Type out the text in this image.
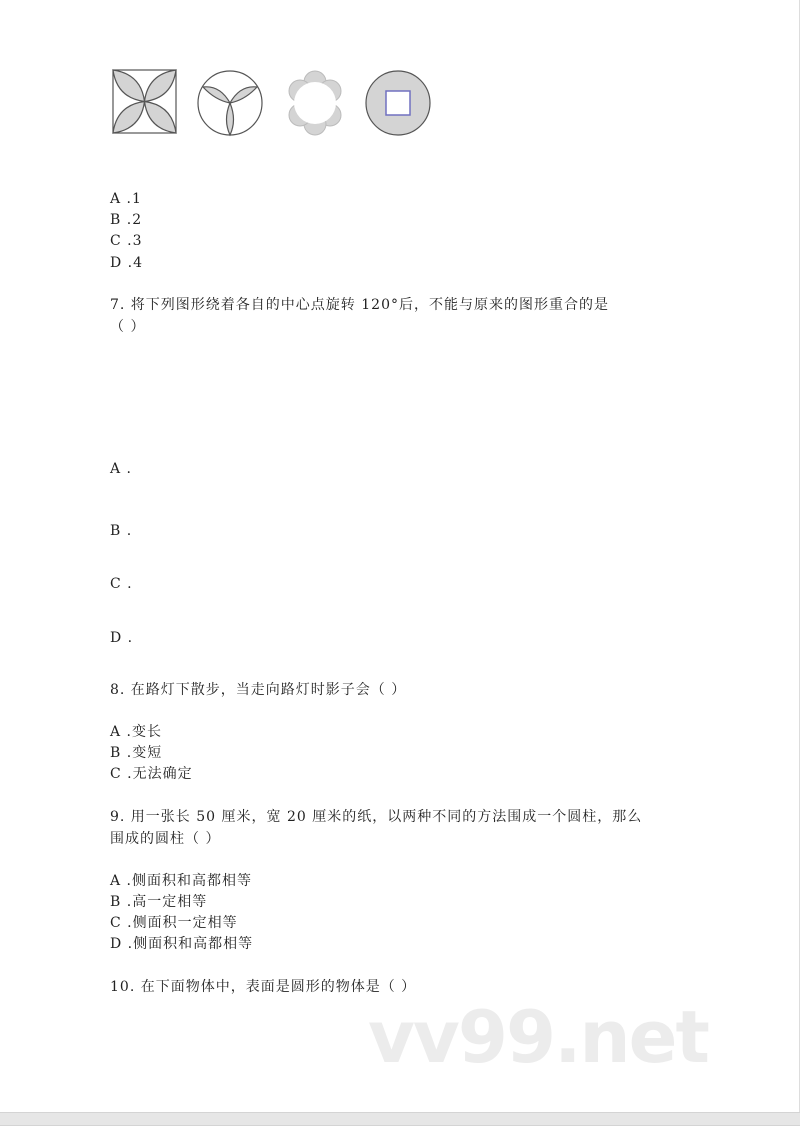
A .1
B .2
C .3
D .4
7. 将下列图形绕着各自的中心点旋转 120°后，不能与原来的图形重合的是
（ ）
A .
B .
C .
D .
8. 在路灯下散步，当走向路灯时影子会（ ）
A .变长
B .变短
C .无法确定
9. 用一张长 50 厘米，宽 20 厘米的纸，以两种不同的方法围成一个圆柱，那么
围成的圆柱（ ）
A .侧面积和高都相等
B .高一定相等
C .侧面积一定相等
D .侧面积和高都相等
10. 在下面物体中，表面是圆形的物体是（ ）
vv99.net
